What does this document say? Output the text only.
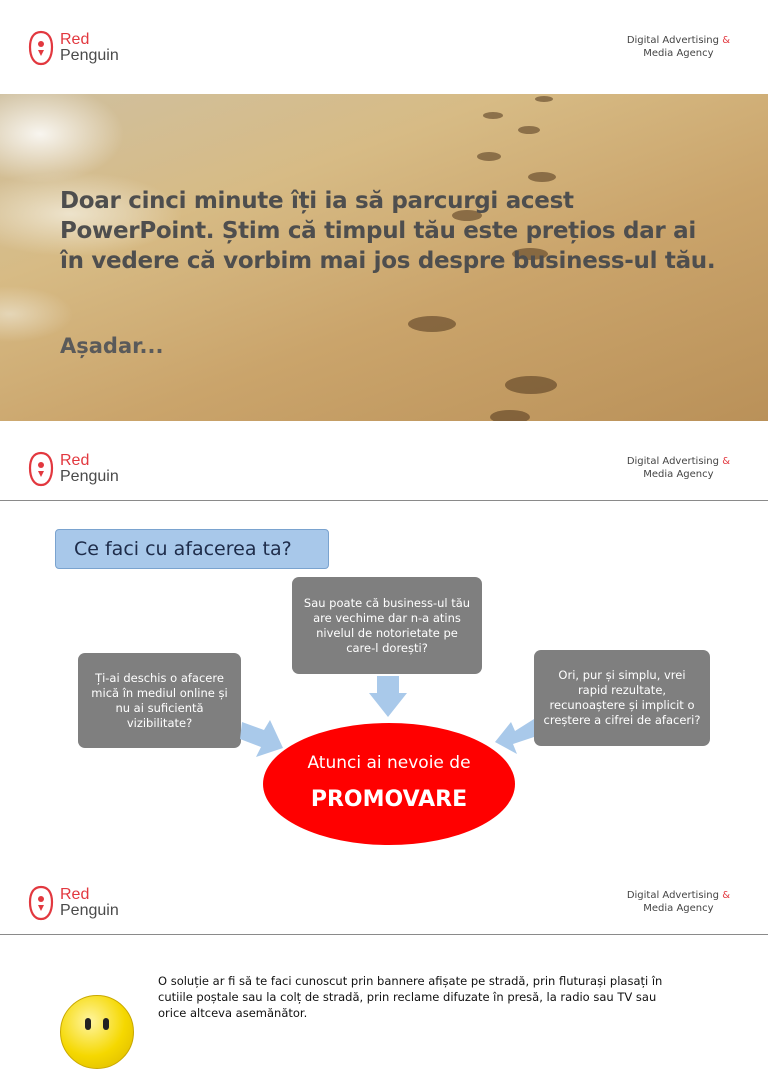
Red
Penguin
Digital Advertising &
Media Agency
Doar cinci minute îți ia să parcurgi acest PowerPoint. Știm că timpul tău este prețios dar ai în vedere că vorbim mai jos despre business-ul tău.
Așadar...
Red
Penguin
Digital Advertising &
Media Agency
Ce faci cu afacerea ta?
Sau poate că business-ul tău are vechime dar n-a atins nivelul de notorietate pe care-l dorești?
Ți-ai deschis o afacere mică în mediul online și nu ai suficientă vizibilitate?
Ori, pur și simplu, vrei rapid rezultate, recunoaștere și implicit o creștere a cifrei de afaceri?
Atunci ai nevoie de
PROMOVARE
Red
Penguin
Digital Advertising &
Media Agency
O soluție ar fi să te faci cunoscut prin bannere afișate pe stradă, prin fluturași plasați în cutiile poștale sau la colț de stradă, prin reclame difuzate în presă, la radio sau TV sau orice altceva asemănător.
